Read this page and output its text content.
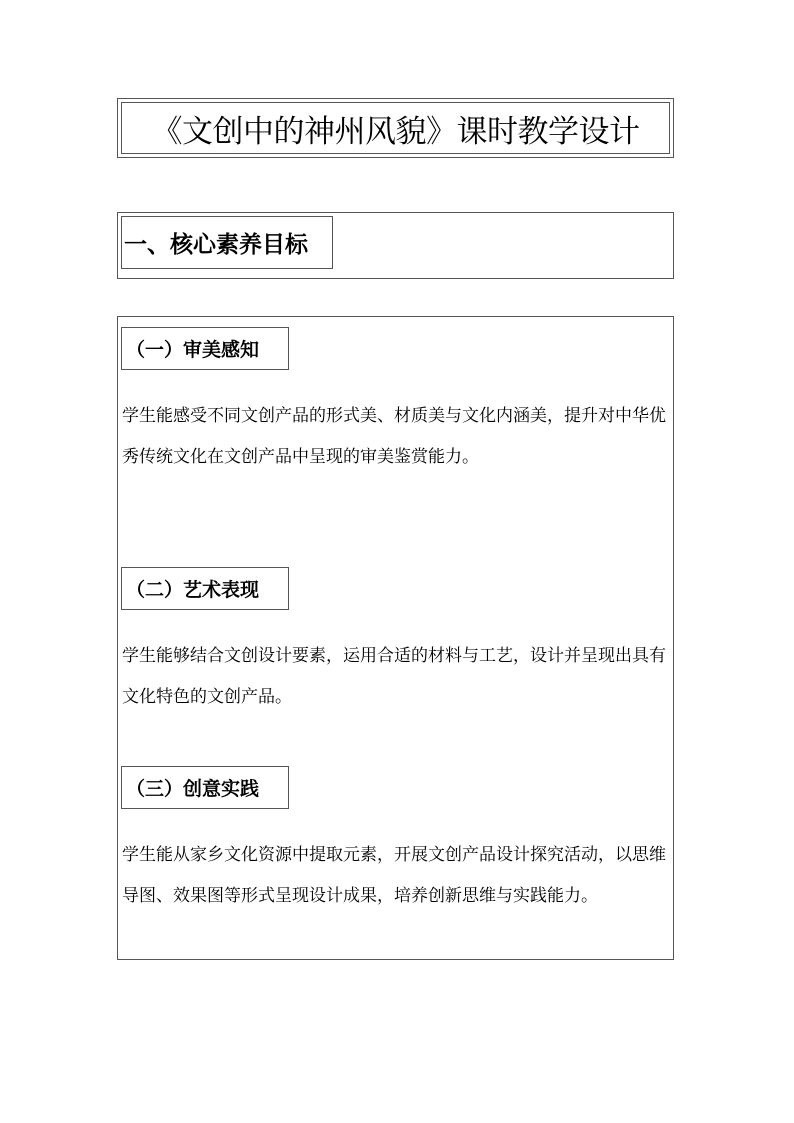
《文创中的神州风貌》课时教学设计
一、核心素养目标
（一）审美感知

学生能感受不同文创产品的形式美、材质美与文化内涵美，提升对中华优秀传统文化在文创产品中呈现的审美鉴赏能力。

（二）艺术表现

学生能够结合文创设计要素，运用合适的材料与工艺，设计并呈现出具有文化特色的文创产品。

（三）创意实践

学生能从家乡文化资源中提取元素，开展文创产品设计探究活动，以思维导图、效果图等形式呈现设计成果，培养创新思维与实践能力。
